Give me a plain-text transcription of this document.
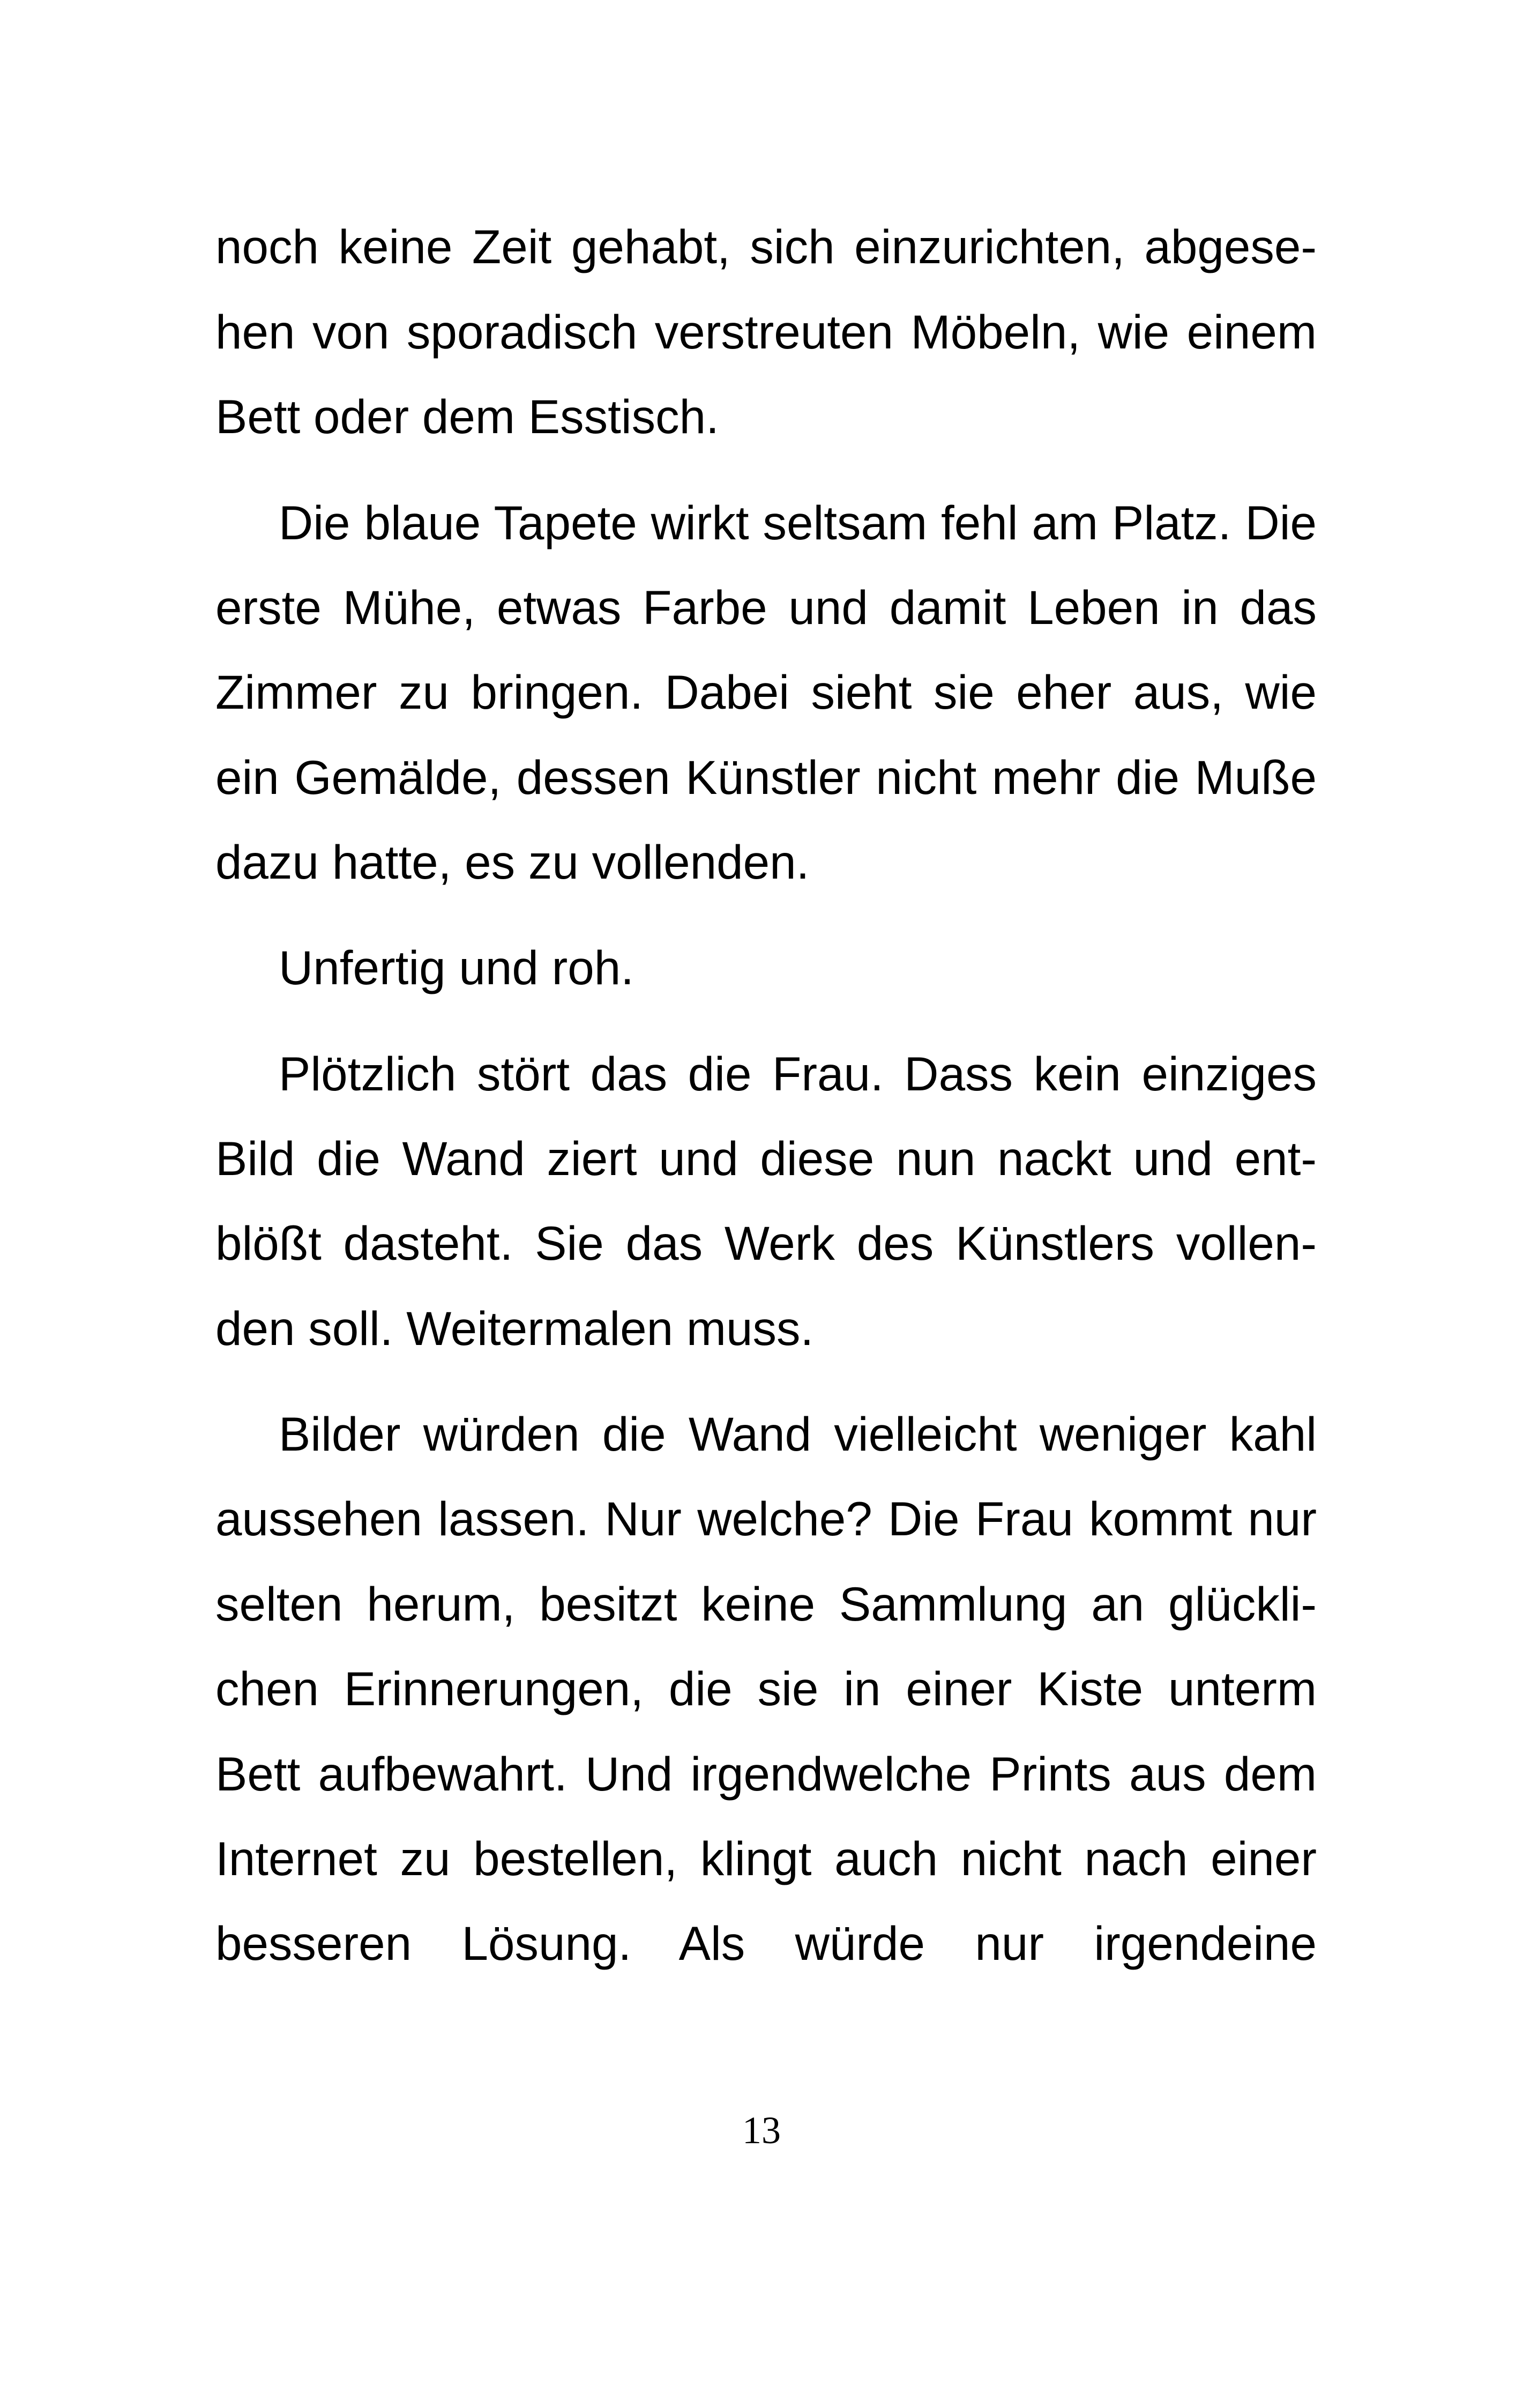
noch keine Zeit gehabt, sich einzurichten, abgese-
hen von sporadisch verstreuten Möbeln, wie einem
Bett oder dem Esstisch.
Die blaue Tapete wirkt seltsam fehl am Platz. Die
erste Mühe, etwas Farbe und damit Leben in das
Zimmer zu bringen. Dabei sieht sie eher aus, wie
ein Gemälde, dessen Künstler nicht mehr die Muße
dazu hatte, es zu vollenden.
Unfertig und roh.
Plötzlich stört das die Frau. Dass kein einziges
Bild die Wand ziert und diese nun nackt und ent-
blößt dasteht. Sie das Werk des Künstlers vollen-
den soll. Weitermalen muss.
Bilder würden die Wand vielleicht weniger kahl
aussehen lassen. Nur welche? Die Frau kommt nur
selten herum, besitzt keine Sammlung an glückli-
chen Erinnerungen, die sie in einer Kiste unterm
Bett aufbewahrt. Und irgendwelche Prints aus dem
Internet zu bestellen, klingt auch nicht nach einer
besseren Lösung. Als würde nur irgendeine
13
